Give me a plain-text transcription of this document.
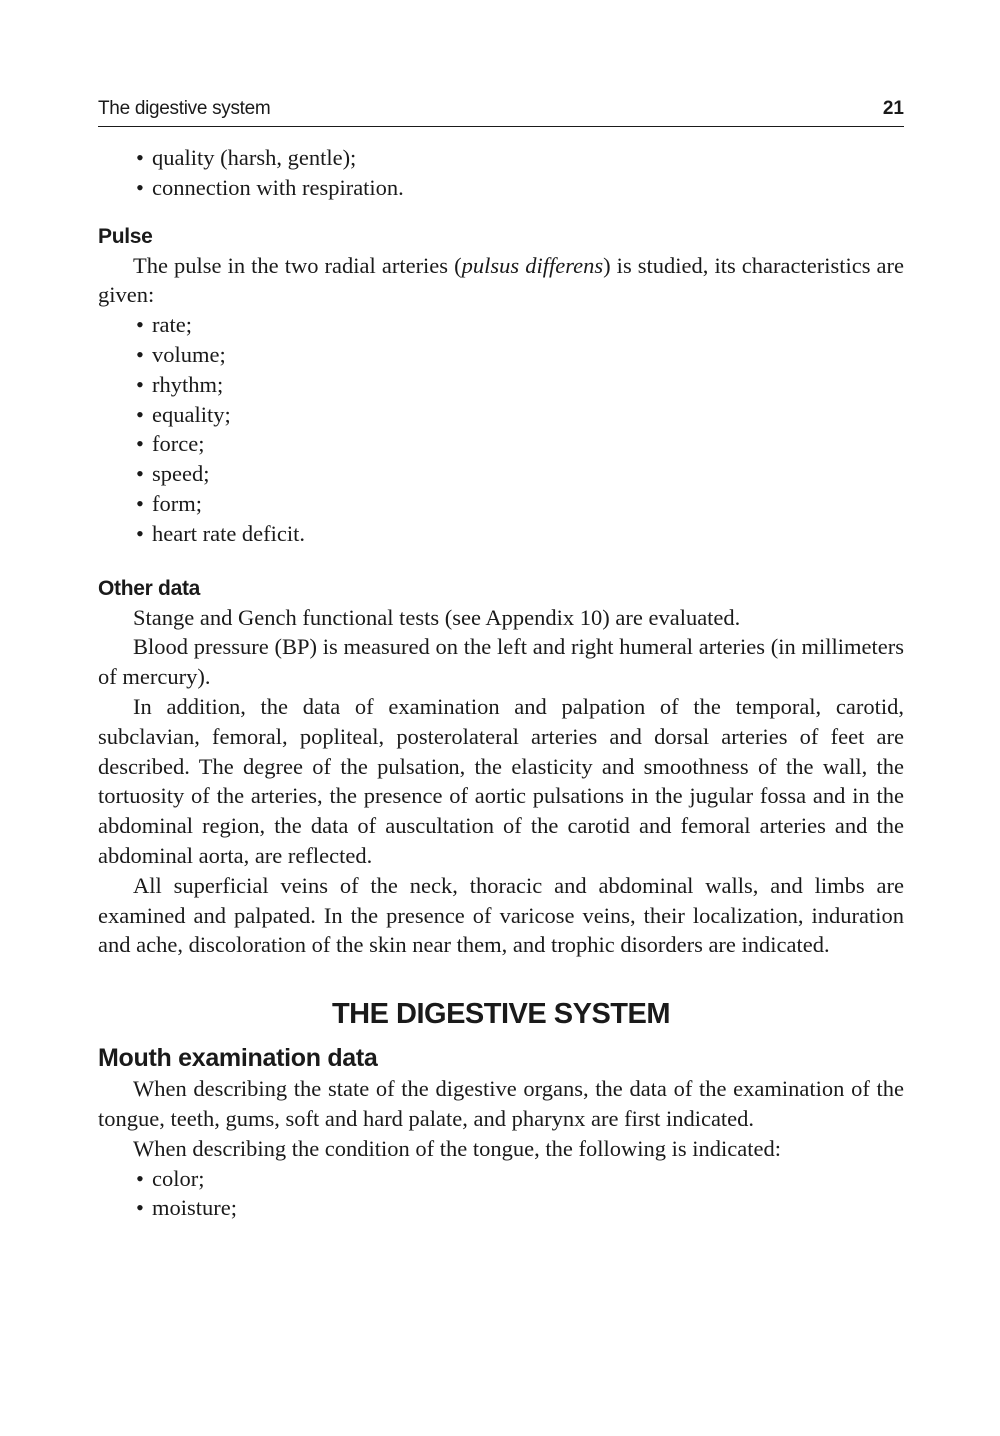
The digestive system	21
• quality (harsh, gentle);
• connection with respiration.
Pulse

The pulse in the two radial arteries (pulsus differens) is studied, its characteristics are given:

• rate;
• volume;
• rhythm;
• equality;
• force;
• speed;
• form;
• heart rate deficit.
Other data

Stange and Gench functional tests (see Appendix 10) are evaluated.

Blood pressure (BP) is measured on the left and right humeral arteries (in millimeters of mercury).

In addition, the data of examination and palpation of the temporal, carotid, subclavian, femoral, popliteal, posterolateral arteries and dorsal arteries of feet are described. The degree of the pulsation, the elasticity and smoothness of the wall, the tortuosity of the arteries, the presence of aortic pulsations in the jugular fossa and in the abdominal region, the data of auscultation of the carotid and femoral arteries and the abdominal aorta, are reflected.

All superficial veins of the neck, thoracic and abdominal walls, and limbs are examined and palpated. In the presence of varicose veins, their localization, induration and ache, discoloration of the skin near them, and trophic disorders are indicated.

THE DIGESTIVE SYSTEM
Mouth examination data

When describing the state of the digestive organs, the data of the examination of the tongue, teeth, gums, soft and hard palate, and pharynx are first indicated.

When describing the condition of the tongue, the following is indicated:

• color;
• moisture;
